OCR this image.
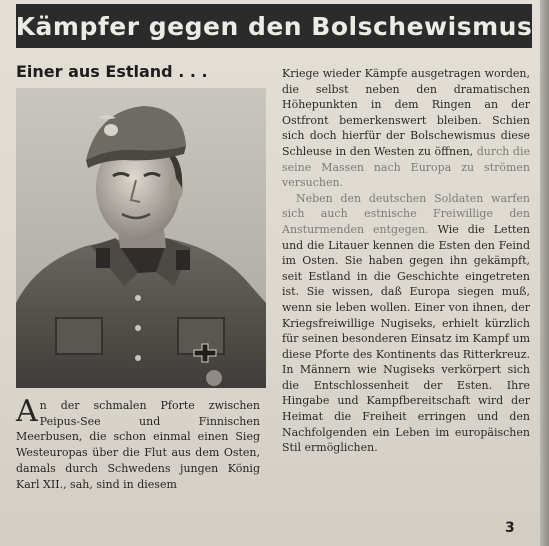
Kämpfer gegen den Bolschewismus
Einer aus Estland . . .
An der schmalen Pforte zwischen Peipus-See und Finnischen Meerbusen, die schon einmal einen Sieg Westeuropas über die Flut aus dem Osten, damals durch Schwedens jungen König Karl XII., sah, sind in diesem

Kriege wieder Kämpfe ausgetragen worden, die selbst neben den dramatischen Höhepunkten in dem Ringen an der Ostfront bemerkenswert bleiben. Schien sich doch hierfür der Bolschewismus diese Schleuse in den Westen zu öffnen, durch die seine Massen nach Europa zu strömen versuchen.

Neben den deutschen Soldaten warfen sich auch estnische Freiwillige den Ansturmenden entgegen. Wie die Letten und die Litauer kennen die Esten den Feind im Osten. Sie haben gegen ihn gekämpft, seit Estland in die Geschichte eingetreten ist. Sie wissen, daß Europa siegen muß, wenn sie leben wollen. Einer von ihnen, der Kriegsfreiwillige Nugiseks, erhielt kürzlich für seinen besonderen Einsatz im Kampf um diese Pforte des Kontinents das Ritterkreuz. In Männern wie Nugiseks verkörpert sich die Entschlossenheit der Esten. Ihre Hingabe und Kampfbereitschaft wird der Heimat die Freiheit erringen und den Nachfolgenden ein Leben im europäischen Stil ermöglichen.

3
